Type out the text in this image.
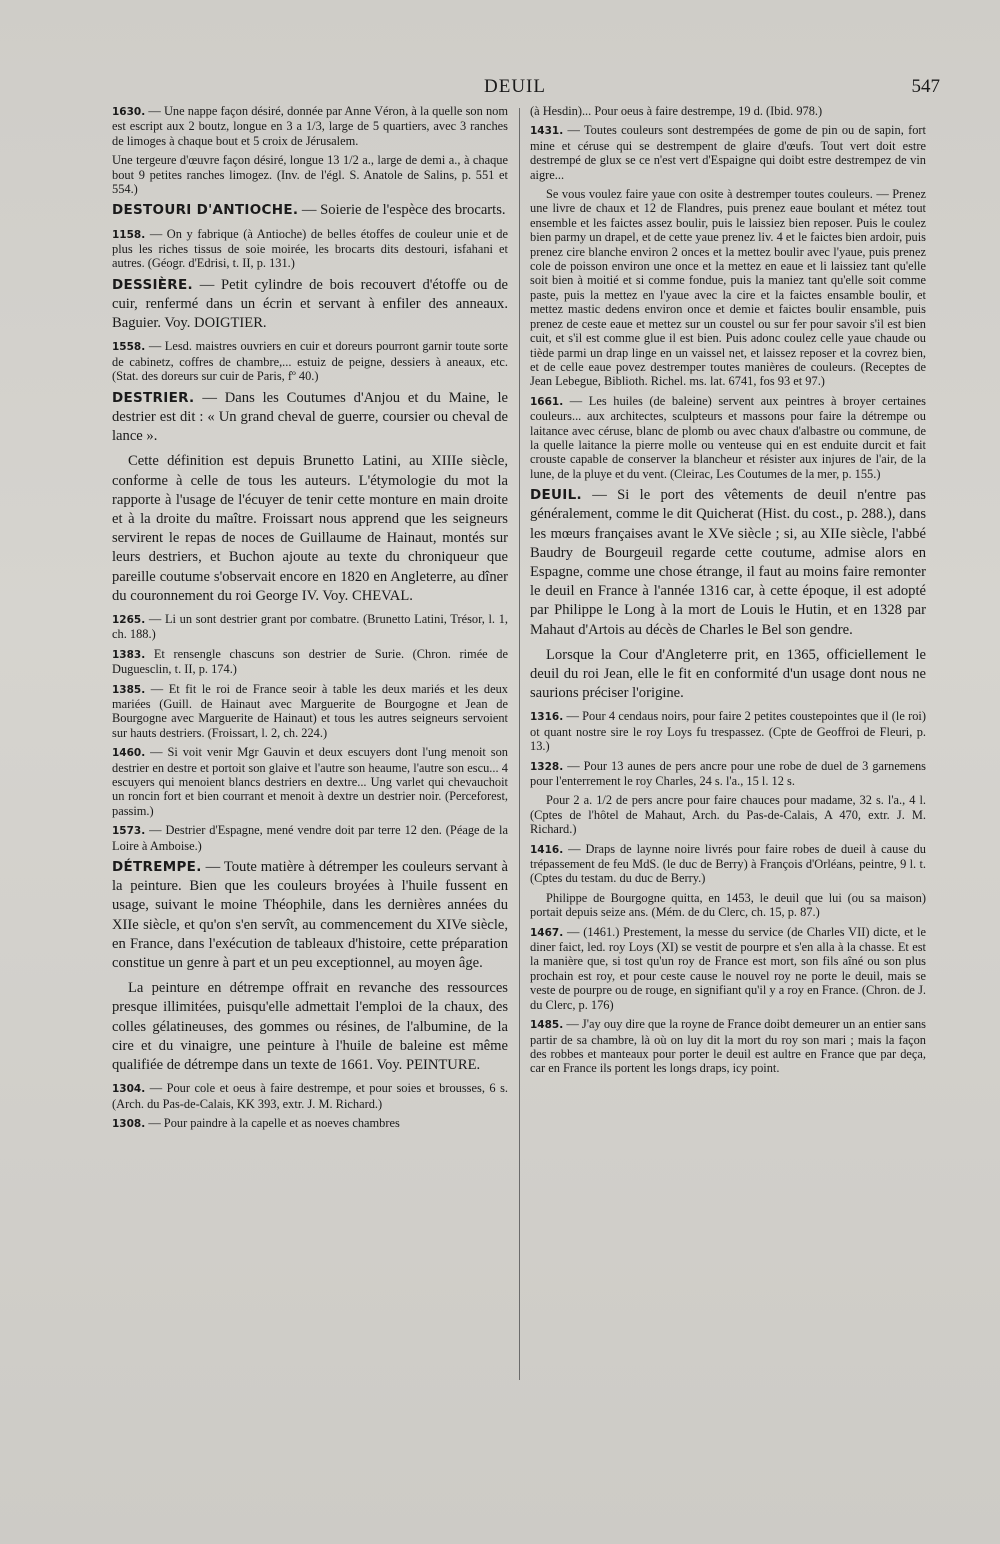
DEUIL	547

1630. — Une nappe façon désiré, donnée par Anne Véron, à la quelle son nom est escript aux 2 boutz, longue en 3 a 1/3, large de 5 quartiers, avec 3 ranches de limoges à chaque bout et 5 croix de Jérusalem.

Une tergeure d'œuvre façon désiré, longue 13 1/2 a., large de demi a., à chaque bout 9 petites ranches limogez. (Inv. de l'égl. S. Anatole de Salins, p. 551 et 554.)

DESTOURI D'ANTIOCHE. — Soierie de l'espèce des brocarts.

1158. — On y fabrique (à Antioche) de belles étoffes de couleur unie et de plus les riches tissus de soie moirée, les brocarts dits destouri, isfahani et autres. (Géogr. d'Edrisi, t. II, p. 131.)

DESSIÈRE. — Petit cylindre de bois recouvert d'étoffe ou de cuir, renfermé dans un écrin et servant à enfiler des anneaux. Baguier. Voy. DOIGTIER.

1558. — Lesd. maistres ouvriers en cuir et doreurs pourront garnir toute sorte de cabinetz, coffres de chambre,... estuiz de peigne, dessiers à aneaux, etc. (Stat. des doreurs sur cuir de Paris, fº 40.)

DESTRIER. — Dans les Coutumes d'Anjou et du Maine, le destrier est dit : « Un grand cheval de guerre, coursier ou cheval de lance ».

Cette définition est depuis Brunetto Latini, au XIIIe siècle, conforme à celle de tous les auteurs. L'étymologie du mot la rapporte à l'usage de l'écuyer de tenir cette monture en main droite et à la droite du maître. Froissart nous apprend que les seigneurs servirent le repas de noces de Guillaume de Hainaut, montés sur leurs destriers, et Buchon ajoute au texte du chroniqueur que pareille coutume s'observait encore en 1820 en Angleterre, au dîner du couronnement du roi George IV. Voy. CHEVAL.

1265. — Li un sont destrier grant por combatre. (Brunetto Latini, Trésor, l. 1, ch. 188.)

1383. Et rensengle chascuns son destrier de Surie. (Chron. rimée de Duguesclin, t. II, p. 174.)

1385. — Et fit le roi de France seoir à table les deux mariés et les deux mariées (Guill. de Hainaut avec Marguerite de Bourgogne et Jean de Bourgogne avec Marguerite de Hainaut) et tous les autres seigneurs servoient sur hauts destriers. (Froissart, l. 2, ch. 224.)

1460. — Si voit venir Mgr Gauvin et deux escuyers dont l'ung menoit son destrier en destre et portoit son glaive et l'autre son heaume, l'autre son escu... 4 escuyers qui menoient blancs destriers en dextre... Ung varlet qui chevauchoit un roncin fort et bien courrant et menoit à dextre un destrier noir. (Perceforest, passim.)

1573. — Destrier d'Espagne, mené vendre doit par terre 12 den. (Péage de la Loire à Amboise.)

DÉTREMPE. — Toute matière à détremper les couleurs servant à la peinture. Bien que les couleurs broyées à l'huile fussent en usage, suivant le moine Théophile, dans les dernières années du XIIe siècle, et qu'on s'en servît, au commencement du XIVe siècle, en France, dans l'exécution de tableaux d'histoire, cette préparation constitue un genre à part et un peu exceptionnel, au moyen âge.

La peinture en détrempe offrait en revanche des ressources presque illimitées, puisqu'elle admettait l'emploi de la chaux, des colles gélatineuses, des gommes ou résines, de l'albumine, de la cire et du vinaigre, une peinture à l'huile de baleine est même qualifiée de détrempe dans un texte de 1661. Voy. PEINTURE.

1304. — Pour cole et oeus à faire destrempe, et pour soies et brousses, 6 s. (Arch. du Pas-de-Calais, KK 393, extr. J. M. Richard.)

1308. — Pour paindre à la capelle et as noeves chambres

(à Hesdin)... Pour oeus à faire destrempe, 19 d. (Ibid. 978.)

1431. — Toutes couleurs sont destrempées de gome de pin ou de sapin, fort mine et céruse qui se destrempent de glaire d'œufs. Tout vert doit estre destrempé de glux se ce n'est vert d'Espaigne qui doibt estre destrempez de vin aigre...

Se vous voulez faire yaue con osite à destremper toutes couleurs. — Prenez une livre de chaux et 12 de Flandres, puis prenez eaue boulant et métez tout ensemble et les faictes assez boulir, puis le laissiez bien reposer. Puis le coulez bien parmy un drapel, et de cette yaue prenez liv. 4 et le faictes bien ardoir, puis prenez cire blanche environ 2 onces et la mettez boulir avec l'yaue, puis prenez cole de poisson environ une once et la mettez en eaue et li laissiez tant qu'elle soit bien à moitié et si comme fondue, puis la maniez tant qu'elle soit comme paste, puis la mettez en l'yaue avec la cire et la faictes ensamble boulir, et mettez mastic dedens environ once et demie et faictes boulir ensamble, puis prenez de ceste eaue et mettez sur un coustel ou sur fer pour savoir s'il est bien cuit, et s'il est comme glue il est bien. Puis adonc coulez celle yaue chaude ou tiède parmi un drap linge en un vaissel net, et laissez reposer et la covrez bien, et de celle eaue povez destremper toutes manières de couleurs. (Receptes de Jean Lebegue, Biblioth. Richel. ms. lat. 6741, fos 93 et 97.)

1661. — Les huiles (de baleine) servent aux peintres à broyer certaines couleurs... aux architectes, sculpteurs et massons pour faire la détrempe ou laitance avec céruse, blanc de plomb ou avec chaux d'albastre ou commune, de la quelle laitance la pierre molle ou venteuse qui en est enduite durcit et fait crouste capable de conserver la blancheur et résister aux injures de l'air, de la lune, de la pluye et du vent. (Cleirac, Les Coutumes de la mer, p. 155.)

DEUIL. — Si le port des vêtements de deuil n'entre pas généralement, comme le dit Quicherat (Hist. du cost., p. 288.), dans les mœurs françaises avant le XVe siècle ; si, au XIIe siècle, l'abbé Baudry de Bourgeuil regarde cette coutume, admise alors en Espagne, comme une chose étrange, il faut au moins faire remonter le deuil en France à l'année 1316 car, à cette époque, il est adopté par Philippe le Long à la mort de Louis le Hutin, et en 1328 par Mahaut d'Artois au décès de Charles le Bel son gendre.

Lorsque la Cour d'Angleterre prit, en 1365, officiellement le deuil du roi Jean, elle le fit en conformité d'un usage dont nous ne saurions préciser l'origine.

1316. — Pour 4 cendaus noirs, pour faire 2 petites coustepointes que il (le roi) ot quant nostre sire le roy Loys fu trespassez. (Cpte de Geoffroi de Fleuri, p. 13.)

1328. — Pour 13 aunes de pers ancre pour une robe de duel de 3 garnemens pour l'enterrement le roy Charles, 24 s. l'a., 15 l. 12 s.

Pour 2 a. 1/2 de pers ancre pour faire chauces pour madame, 32 s. l'a., 4 l. (Cptes de l'hôtel de Mahaut, Arch. du Pas-de-Calais, A 470, extr. J. M. Richard.)

1416. — Draps de laynne noire livrés pour faire robes de dueil à cause du trépassement de feu MdS. (le duc de Berry) à François d'Orléans, peintre, 9 l. t. (Cptes du testam. du duc de Berry.)

Philippe de Bourgogne quitta, en 1453, le deuil que lui (ou sa maison) portait depuis seize ans. (Mém. de du Clerc, ch. 15, p. 87.)

1467. — (1461.) Prestement, la messe du service (de Charles VII) dicte, et le diner faict, led. roy Loys (XI) se vestit de pourpre et s'en alla à la chasse. Et est la manière que, si tost qu'un roy de France est mort, son fils aîné ou son plus prochain est roy, et pour ceste cause le nouvel roy ne porte le deuil, mais se veste de pourpre ou de rouge, en signifiant qu'il y a roy en France. (Chron. de J. du Clerc, p. 176)

1485. — J'ay ouy dire que la royne de France doibt demeurer un an entier sans partir de sa chambre, là où on luy dit la mort du roy son mari ; mais la façon des robbes et manteaux pour porter le deuil est aultre en France que par deça, car en France ils portent les longs draps, icy point.
